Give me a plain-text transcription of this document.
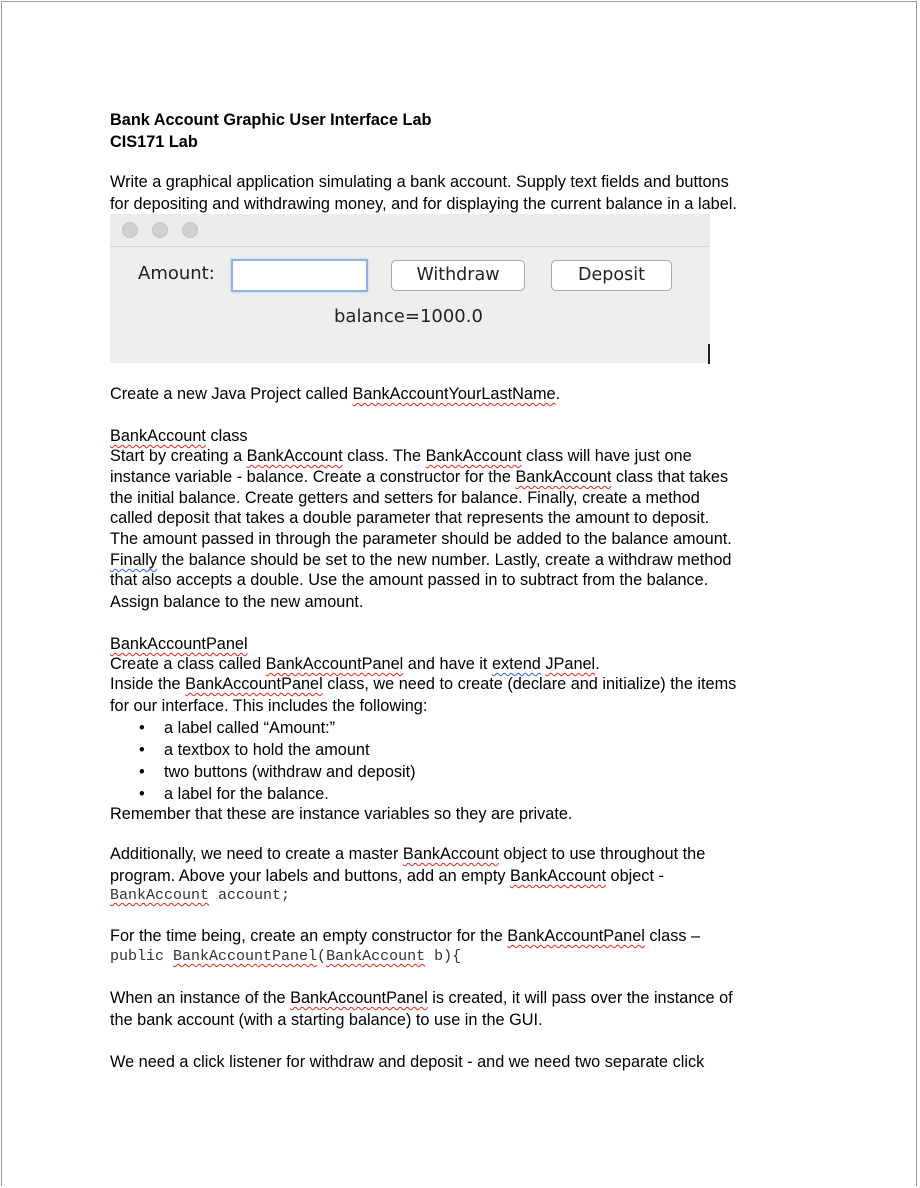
Bank Account Graphic User Interface Lab
CIS171 Lab
Write a graphical application simulating a bank account. Supply text fields and buttons
for depositing and withdrawing money, and for displaying the current balance in a label.
Amount:	Withdraw	Deposit
balance=1000.0
Create a new Java Project called BankAccountYourLastName.
BankAccount class
Start by creating a BankAccount class. The BankAccount class will have just one
instance variable - balance. Create a constructor for the BankAccount class that takes
the initial balance. Create getters and setters for balance. Finally, create a method
called deposit that takes a double parameter that represents the amount to deposit.
The amount passed in through the parameter should be added to the balance amount.
Finally the balance should be set to the new number. Lastly, create a withdraw method
that also accepts a double. Use the amount passed in to subtract from the balance.
Assign balance to the new amount.
BankAccountPanel
Create a class called BankAccountPanel and have it extend JPanel.
Inside the BankAccountPanel class, we need to create (declare and initialize) the items
for our interface. This includes the following:
• a label called “Amount:”
• a textbox to hold the amount
• two buttons (withdraw and deposit)
• a label for the balance.
Remember that these are instance variables so they are private.
Additionally, we need to create a master BankAccount object to use throughout the
program. Above your labels and buttons, add an empty BankAccount object -
BankAccount account;
For the time being, create an empty constructor for the BankAccountPanel class –
public BankAccountPanel(BankAccount b){
When an instance of the BankAccountPanel is created, it will pass over the instance of
the bank account (with a starting balance) to use in the GUI.
We need a click listener for withdraw and deposit - and we need two separate click
